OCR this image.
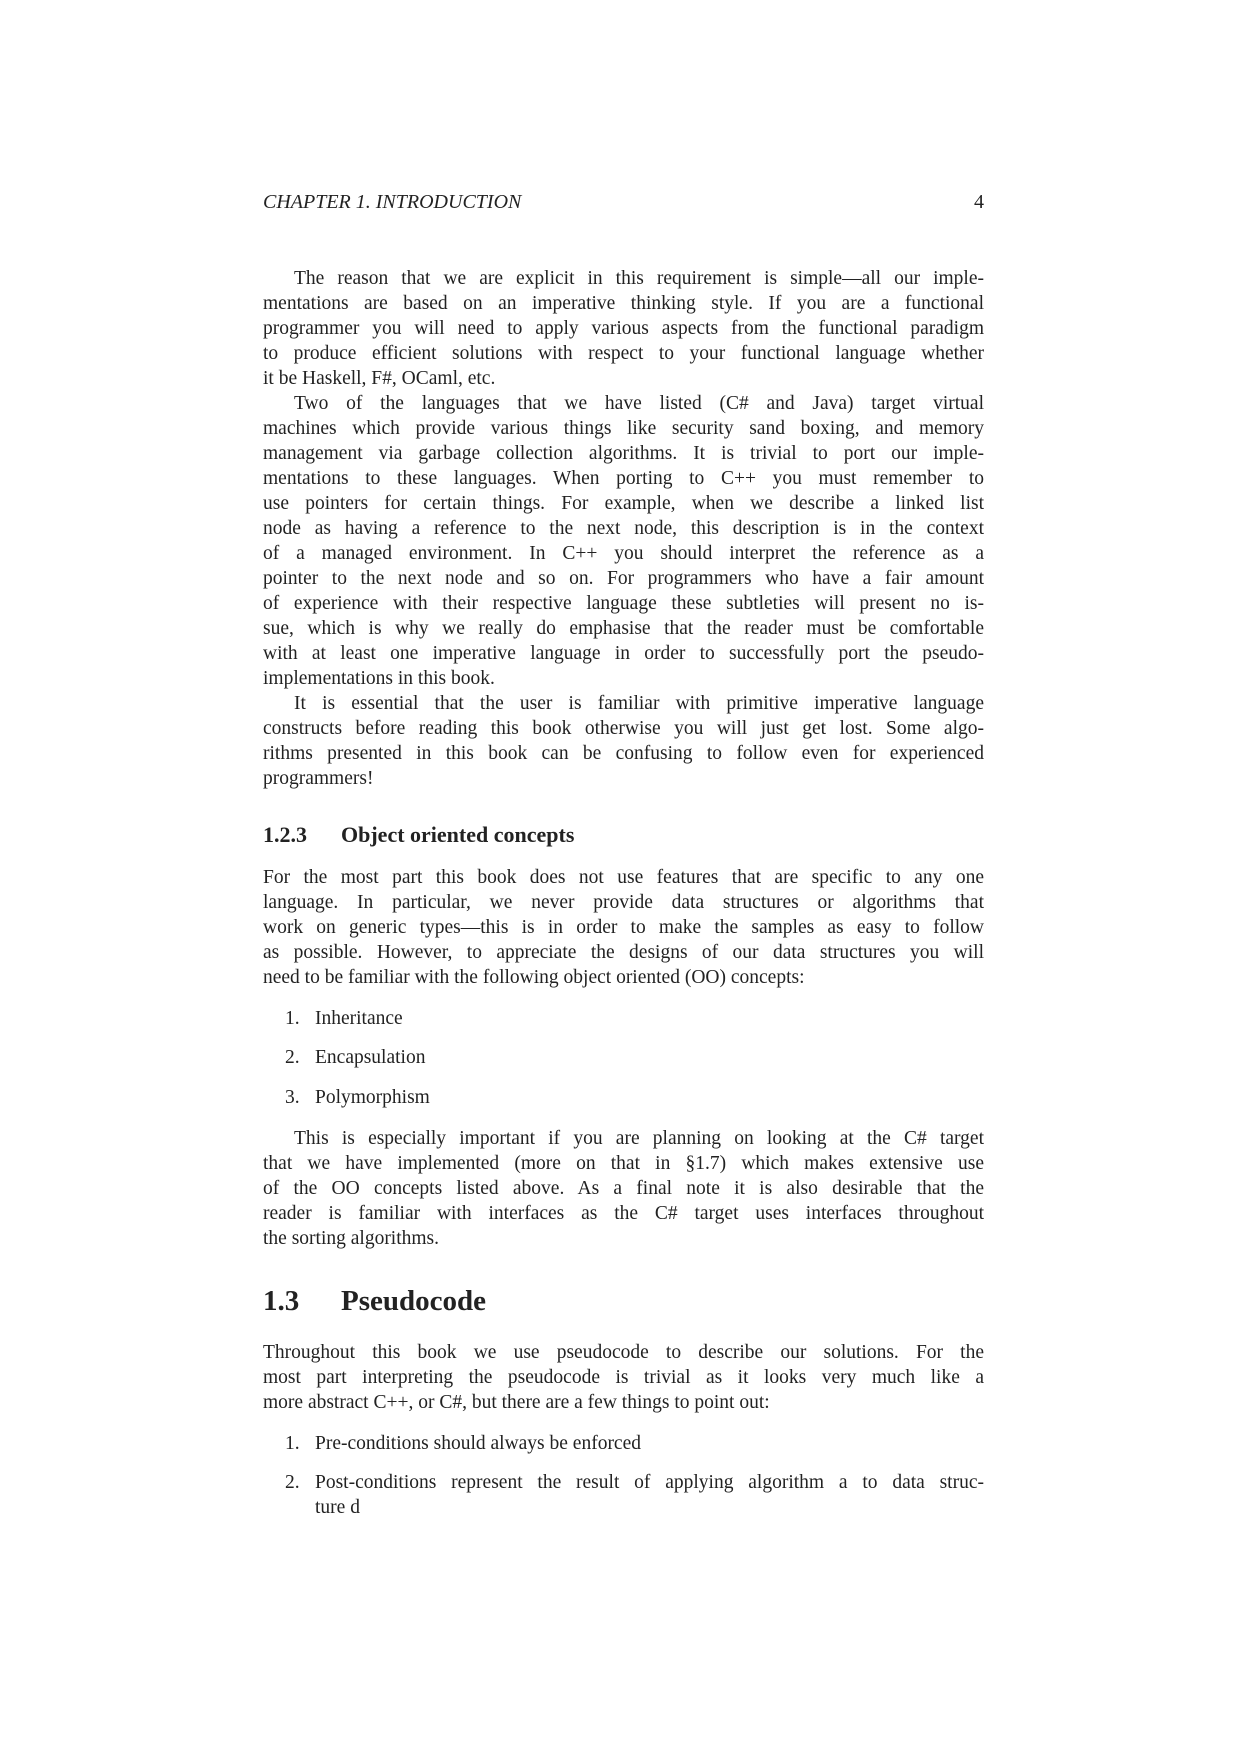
CHAPTER 1. INTRODUCTION	4
The reason that we are explicit in this requirement is simple—all our imple-
mentations are based on an imperative thinking style. If you are a functional
programmer you will need to apply various aspects from the functional paradigm
to produce efficient solutions with respect to your functional language whether
it be Haskell, F#, OCaml, etc.
Two of the languages that we have listed (C# and Java) target virtual
machines which provide various things like security sand boxing, and memory
management via garbage collection algorithms. It is trivial to port our imple-
mentations to these languages. When porting to C++ you must remember to
use pointers for certain things. For example, when we describe a linked list
node as having a reference to the next node, this description is in the context
of a managed environment. In C++ you should interpret the reference as a
pointer to the next node and so on. For programmers who have a fair amount
of experience with their respective language these subtleties will present no is-
sue, which is why we really do emphasise that the reader must be comfortable
with at least one imperative language in order to successfully port the pseudo-
implementations in this book.
It is essential that the user is familiar with primitive imperative language
constructs before reading this book otherwise you will just get lost. Some algo-
rithms presented in this book can be confusing to follow even for experienced
programmers!
1.2.3 Object oriented concepts
For the most part this book does not use features that are specific to any one
language. In particular, we never provide data structures or algorithms that
work on generic types—this is in order to make the samples as easy to follow
as possible. However, to appreciate the designs of our data structures you will
need to be familiar with the following object oriented (OO) concepts:
1. Inheritance
2. Encapsulation
3. Polymorphism
This is especially important if you are planning on looking at the C# target
that we have implemented (more on that in §1.7) which makes extensive use
of the OO concepts listed above. As a final note it is also desirable that the
reader is familiar with interfaces as the C# target uses interfaces throughout
the sorting algorithms.
1.3 Pseudocode
Throughout this book we use pseudocode to describe our solutions. For the
most part interpreting the pseudocode is trivial as it looks very much like a
more abstract C++, or C#, but there are a few things to point out:
1. Pre-conditions should always be enforced
2. Post-conditions represent the result of applying algorithm a to data struc-
ture d
